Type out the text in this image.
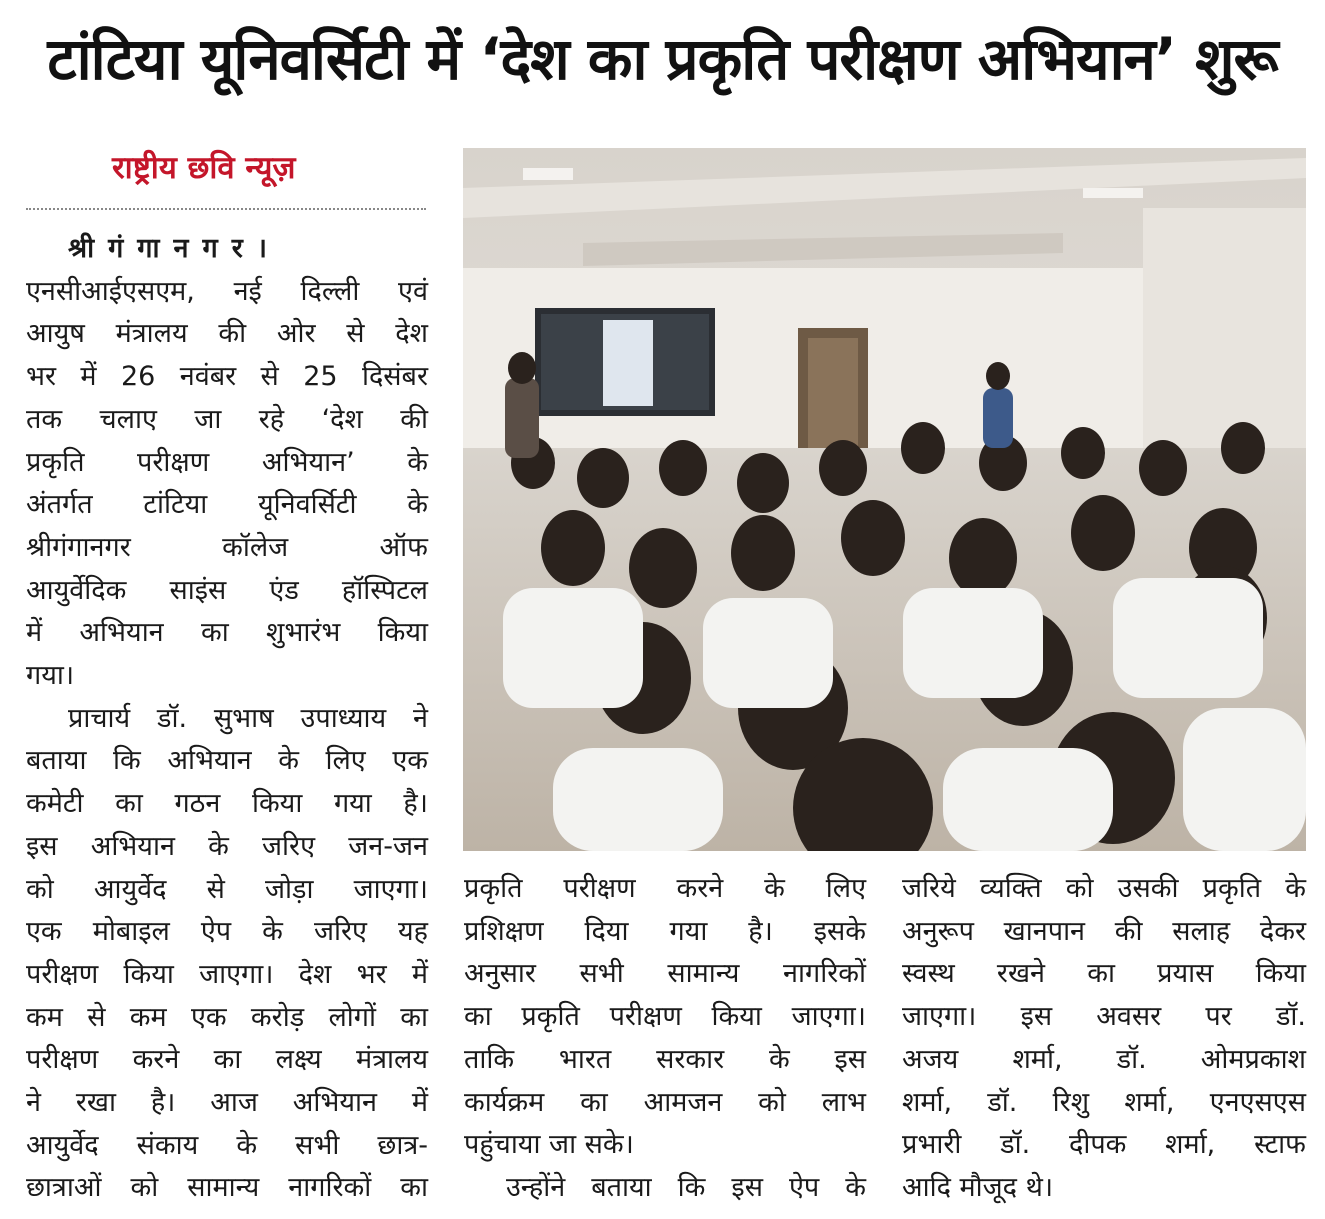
टांटिया यूनिवर्सिटी में ‘देश का प्रकृति परीक्षण अभियान’ शुरू
राष्ट्रीय छवि न्यूज़

श्रीगंगानगर।

एनसीआईएसएम, नई दिल्ली एवं

आयुष मंत्रालय की ओर से देश

भर में 26 नवंबर से 25 दिसंबर

तक चलाए जा रहे ‘देश की

प्रकृति परीक्षण अभियान’ के

अंतर्गत टांटिया यूनिवर्सिटी के

श्रीगंगानगर कॉलेज ऑफ

आयुर्वेदिक साइंस एंड हॉस्पिटल

में अभियान का शुभारंभ किया

गया।

प्राचार्य डॉ. सुभाष उपाध्याय ने

बताया कि अभियान के लिए एक

कमेटी का गठन किया गया है।

इस अभियान के जरिए जन-जन

को आयुर्वेद से जोड़ा जाएगा।

एक मोबाइल ऐप के जरिए यह

परीक्षण किया जाएगा। देश भर में

कम से कम एक करोड़ लोगों का

परीक्षण करने का लक्ष्य मंत्रालय

ने रखा है। आज अभियान में

आयुर्वेद संकाय के सभी छात्र-

छात्राओं को सामान्य नागरिकों का

प्रकृति परीक्षण करने के लिए

प्रशिक्षण दिया गया है। इसके

अनुसार सभी सामान्य नागरिकों

का प्रकृति परीक्षण किया जाएगा।

ताकि भारत सरकार के इस

कार्यक्रम का आमजन को लाभ

पहुंचाया जा सके।

उन्होंने बताया कि इस ऐप के

जरिये व्यक्ति को उसकी प्रकृति के

अनुरूप खानपान की सलाह देकर

स्वस्थ रखने का प्रयास किया

जाएगा। इस अवसर पर डॉ.

अजय शर्मा, डॉ. ओमप्रकाश

शर्मा, डॉ. रिशु शर्मा, एनएसएस

प्रभारी डॉ. दीपक शर्मा, स्टाफ

आदि मौजूद थे।
